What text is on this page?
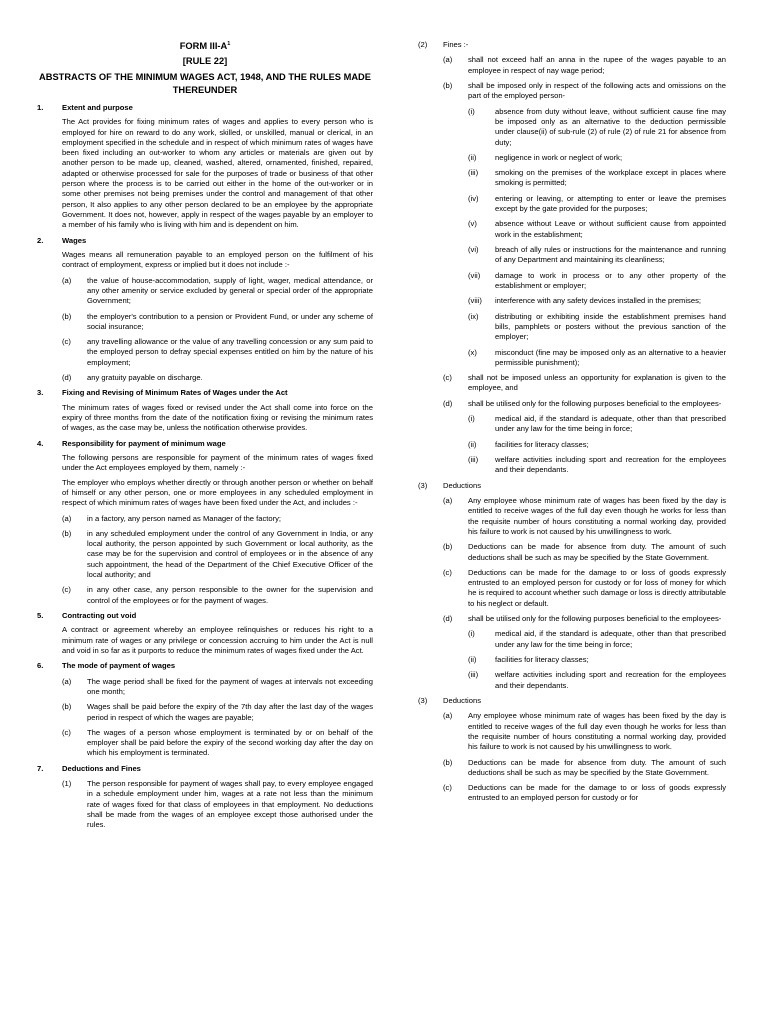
FORM III-$A^1$
[RULE 22]
ABSTRACTS OF THE MINIMUM WAGES ACT, 1948, AND THE RULES MADE THEREUNDER
1.	Extent and purpose
The Act provides for fixing minimum rates of wages and applies to every person who is employed for hire on reward to do any work, skilled, or unskilled, manual or clerical, in an employment specified in the schedule and in respect of which minimum rates of wages have been fixed including an out-worker to whom any articles or materials are given out by another person to be made up, cleaned, washed, altered, ornamented, finished, repaired, adapted or otherwise processed for sale for the purposes of trade or business of that other person where the process is to be carried out either in the home of the out-worker or in some other premises not being premises under the control and management of that other person, It also applies to any other person declared to be an employee by the appropriate Government. It does not, however, apply in respect of the wages payable by an employer to a member of his family who is living with him and is dependent on him.
2.	Wages
Wages means all remuneration payable to an employed person on the fulfilment of his contract of employment, express or implied but it does not include :-
(a)	the value of house-accommodation, supply of light, wager, medical attendance, or any other amenity or service excluded by general or special order of the appropriate Government;
(b)	the employer's contribution to a pension or Provident Fund, or under any scheme of social insurance;
(c)	any travelling allowance or the value of any travelling concession or any sum paid to the employed person to defray special expenses entitled on him by the nature of his employment;
(d)	any gratuity payable on discharge.
3.	Fixing and Revising of Minimum Rates of Wages under the Act
The minimum rates of wages fixed or revised under the Act shall come into force on the expiry of three months from the date of the notification fixing or revising the minimum rates of wages, as the case may be, unless the notification otherwise provides.
4.	Responsibility for payment of minimum wage
The following persons are responsible for payment of the minimum rates of wages fixed under the Act employees employed by them, namely :-
The employer who employs whether directly or through another person or whether on behalf of himself or any other person, one or more employees in any scheduled employment in respect of which minimum rates of wages have been fixed under the Act, and includes :-
(a)	in a factory, any person named as Manager of the factory;
(b)	in any scheduled employment under the control of any Government in India, or any local authority, the person appointed by such Government or local authority, as the case may be for the supervision and control of employees or in the absence of any such appointment, the head of the Department of the Chief Executive Officer of the local authority; and
(c)	in any other case, any person responsible to the owner for the supervision and control of the employees or for the payment of wages.
5.	Contracting out void
A contract or agreement whereby an employee relinquishes or reduces his right to a minimum rate of wages or any privilege or concession accruing to him under the Act is null and void in so far as it purports to reduce the minimum rates of wages fixed under the Act.
6.	The mode of payment of wages
(a)	The wage period shall be fixed for the payment of wages at intervals not exceeding one month;
(b)	Wages shall be paid before the expiry of the 7th day after the last day of the wages period in respect of which the wages are payable;
(c)	The wages of a person whose employment is terminated by or on behalf of the employer shall be paid before the expiry of the second working day after the day on which his employment is terminated.
7.	Deductions and Fines
(1)	The person responsible for payment of wages shall pay, to every employee engaged in a schedule employment under him, wages at a rate not less than the minimum rate of wages fixed for that class of employees in that employment. No deductions shall be made from the wages of an employee except those authorised under the rules.
(2)	Fines :-
(a)	shall not exceed half an anna in the rupee of the wages payable to an employee in respect of nay wage period;
(b)	shall be imposed only in respect of the following acts and omissions on the part of the employed person-
(i)	absence from duty without leave, without sufficient cause fine may be imposed only as an alternative to the deduction permissible under clause(ii) of sub-rule (2) of rule (2) of rule 21 for absence from duty;
(ii)	negligence in work or neglect of work;
(iii)	smoking on the premises of the workplace except in places where smoking is permitted;
(iv)	entering or leaving, or attempting to enter or leave the premises except by the gate provided for the purposes;
(v)	absence without Leave or without sufficient cause from appointed work in the establishment;
(vi)	breach of ally rules or instructions for the maintenance and running of any Department and maintaining its cleanliness;
(vii)	damage to work in process or to any other property of the establishment or employer;
(viii)	interference with any safety devices installed in the premises;
(ix)	distributing or exhibiting inside the establishment premises hand bills, pamphlets or posters without the previous sanction of the employer;
(x)	misconduct (fine may be imposed only as an alternative to a heavier permissible punishment);
(c)	shall not be imposed unless an opportunity for explanation is given to the employee, and
(d)	shall be utilised only for the following purposes beneficial to the employees-
(i)	medical aid, if the standard is adequate, other than that prescribed under any law for the time being in force;
(ii)	facilities for literacy classes;
(iii)	welfare activities including sport and recreation for the employees and their dependants.
(3)	Deductions
(a)	Any employee whose minimum rate of wages has been fixed by the day is entitled to receive wages of the full day even though he works for less than the requisite number of hours constituting a normal working day, provided his failure to work is not caused by his unwillingness to work.
(b)	Deductions can be made for absence from duty. The amount of such deductions shall be such as may be specified by the State Government.
(c)	Deductions can be made for the damage to or loss of goods expressly entrusted to an employed person for custody or for loss of money for which he is required to account whether such damage or loss is directly attributable to his neglect or default.
(d)	shall be utilised only for the following purposes beneficial to the employees-
(i)	medical aid, if the standard is adequate, other than that prescribed under any law for the time being in force;
(ii)	facilities for literacy classes;
(iii)	welfare activities including sport and recreation for the employees and their dependants.
(3)	Deductions
(a)	Any employee whose minimum rate of wages has been fixed by the day is entitled to receive wages of the full day even though he works for less than the requisite number of hours constituting a normal working day, provided his failure to work is not caused by his unwillingness to work.
(b)	Deductions can be made for absence from duty. The amount of such deductions shall be such as may be specified by the State Government.
(c)	Deductions can be made for the damage to or loss of goods expressly entrusted to an employed person for custody or for
